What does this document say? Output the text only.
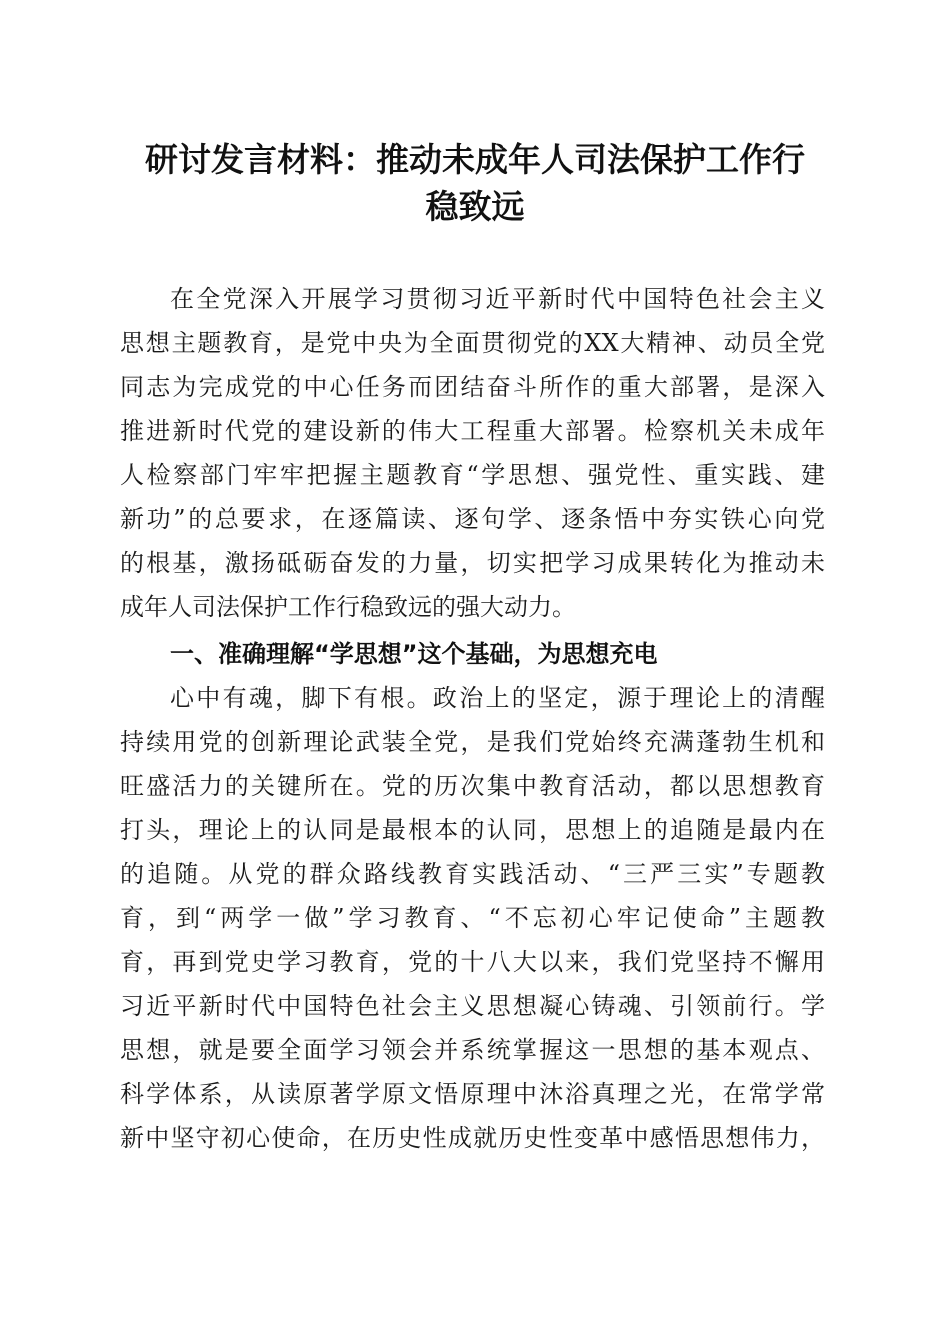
研讨发言材料：推动未成年人司法保护工作行
稳致远
在全党深入开展学习贯彻习近平新时代中国特色社会主义
思想主题教育，是党中央为全面贯彻党的XX大精神、动员全党
同志为完成党的中心任务而团结奋斗所作的重大部署，是深入
推进新时代党的建设新的伟大工程重大部署。检察机关未成年
人检察部门牢牢把握主题教育“学思想、强党性、重实践、建
新功”的总要求，在逐篇读、逐句学、逐条悟中夯实铁心向党
的根基，激扬砥砺奋发的力量，切实把学习成果转化为推动未
成年人司法保护工作行稳致远的强大动力。
一、准确理解“学思想”这个基础，为思想充电
心中有魂，脚下有根。政治上的坚定，源于理论上的清醒
持续用党的创新理论武装全党，是我们党始终充满蓬勃生机和
旺盛活力的关键所在。党的历次集中教育活动，都以思想教育
打头，理论上的认同是最根本的认同，思想上的追随是最内在
的追随。从党的群众路线教育实践活动、“三严三实”专题教
育，到“两学一做”学习教育、“不忘初心牢记使命”主题教
育，再到党史学习教育，党的十八大以来，我们党坚持不懈用
习近平新时代中国特色社会主义思想凝心铸魂、引领前行。学
思想，就是要全面学习领会并系统掌握这一思想的基本观点、
科学体系，从读原著学原文悟原理中沐浴真理之光，在常学常
新中坚守初心使命，在历史性成就历史性变革中感悟思想伟力，
